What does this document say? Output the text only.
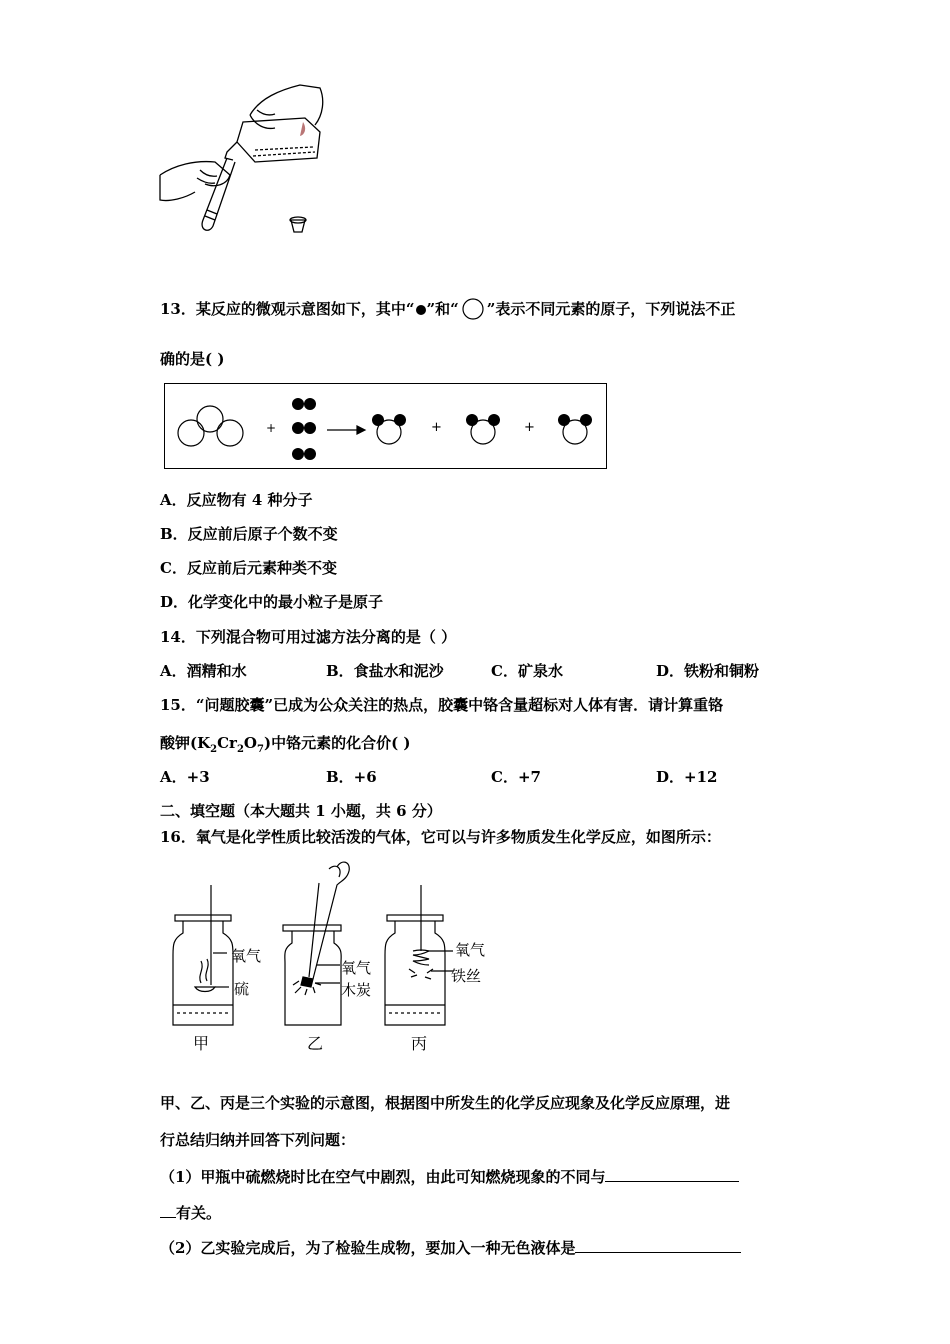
13．某反应的微观示意图如下，其中“ ”和“ ”表示不同元素的原子，下列说法不正
确的是( )
+	+	+
A．反应物有 4 种分子
B．反应前后原子个数不变
C．反应前后元素种类不变
D．化学变化中的最小粒子是原子
14．下列混合物可用过滤方法分离的是（ ）
A．酒精和水	B．食盐水和泥沙	C．矿泉水	D．铁粉和铜粉
15．“问题胶囊”已成为公众关注的热点，胶囊中铬含量超标对人体有害．请计算重铬
酸钾$(K_2Cr_2O_7)$中铬元素的化合价( )
A．+3	B．+6	C．+7	D．+12
二、填空题（本大题共 1 小题，共 6 分）
16．氧气是化学性质比较活泼的气体，它可以与许多物质发生化学反应，如图所示：
氧气
硫
甲
氧气
木炭
乙
氧气
铁丝
丙
甲、乙、丙是三个实验的示意图，根据图中所发生的化学反应现象及化学反应原理，进
行总结归纳并回答下列问题：
（1）甲瓶中硫燃烧时比在空气中剧烈，由此可知燃烧现象的不同与
有关。
（2）乙实验完成后，为了检验生成物，要加入一种无色液体是
